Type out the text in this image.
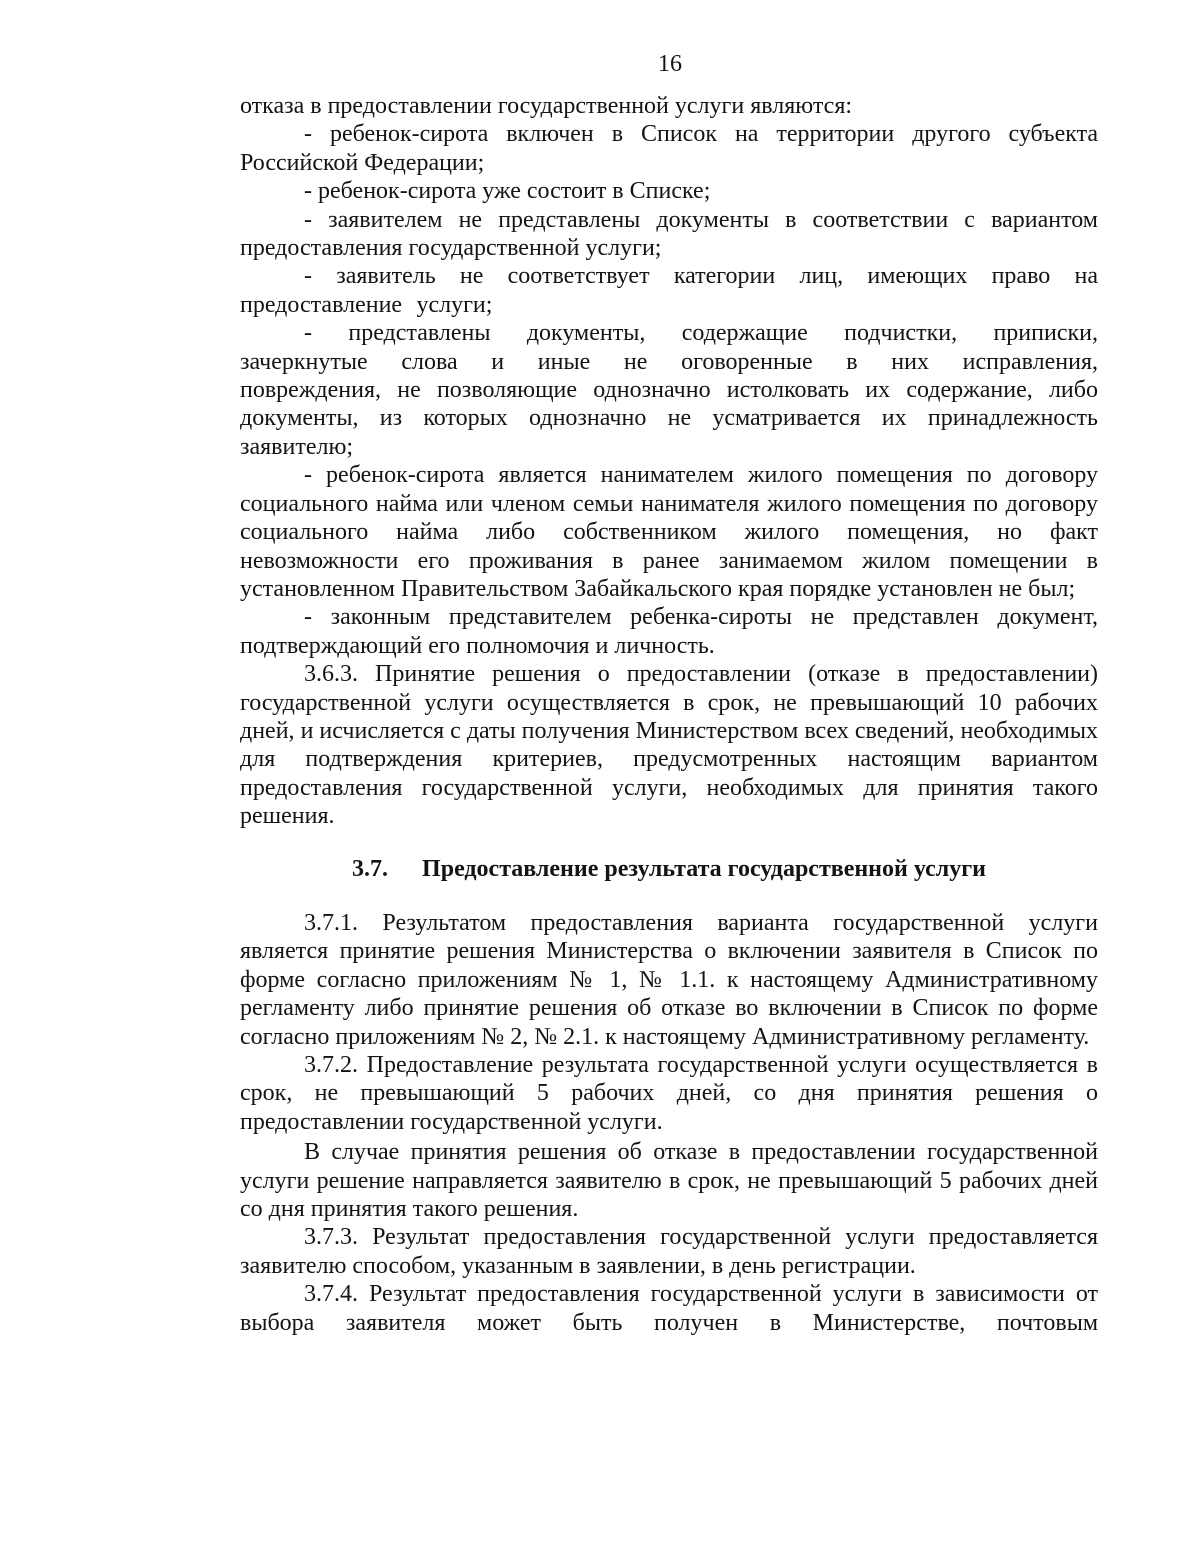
16

отказа в предоставлении государственной услуги являются:

- ребенок-сирота включен в Список на территории другого субъекта Российской Федерации;

- ребенок-сирота уже состоит в Списке;

- заявителем не представлены документы в соответствии с вариантом предоставления государственной услуги;

- заявитель не соответствует категории лиц, имеющих право на предоставление услуги;

- представлены документы, содержащие подчистки, приписки, зачеркнутые слова и иные не оговоренные в них исправления, повреждения, не позволяющие однозначно истолковать их содержание, либо документы, из которых однозначно не усматривается их принадлежность заявителю;

- ребенок-сирота является нанимателем жилого помещения по договору социального найма или членом семьи нанимателя жилого помещения по договору социального найма либо собственником жилого помещения, но факт невозможности его проживания в ранее занимаемом жилом помещении в установленном Правительством Забайкальского края порядке установлен не был;

- законным представителем ребенка-сироты не представлен документ, подтверждающий его полномочия и личность.

3.6.3. Принятие решения о предоставлении (отказе в предоставлении) государственной услуги осуществляется в срок, не превышающий 10 рабочих дней, и исчисляется с даты получения Министерством всех сведений, необходимых для подтверждения критериев, предусмотренных настоящим вариантом предоставления государственной услуги, необходимых для принятия такого решения.

3.7. Предоставление результата государственной услуги

3.7.1. Результатом предоставления варианта государственной услуги является принятие решения Министерства о включении заявителя в Список по форме согласно приложениям № 1, № 1.1. к настоящему Административному регламенту либо принятие решения об отказе во включении в Список по форме согласно приложениям № 2, № 2.1. к настоящему Административному регламенту.

3.7.2. Предоставление результата государственной услуги осуществляется в срок, не превышающий 5 рабочих дней, со дня принятия решения о предоставлении государственной услуги.

В случае принятия решения об отказе в предоставлении государственной услуги решение направляется заявителю в срок, не превышающий 5 рабочих дней со дня принятия такого решения.

3.7.3. Результат предоставления государственной услуги предоставляется заявителю способом, указанным в заявлении, в день регистрации.

3.7.4. Результат предоставления государственной услуги в зависимости от выбора заявителя может быть получен в Министерстве, почтовым
